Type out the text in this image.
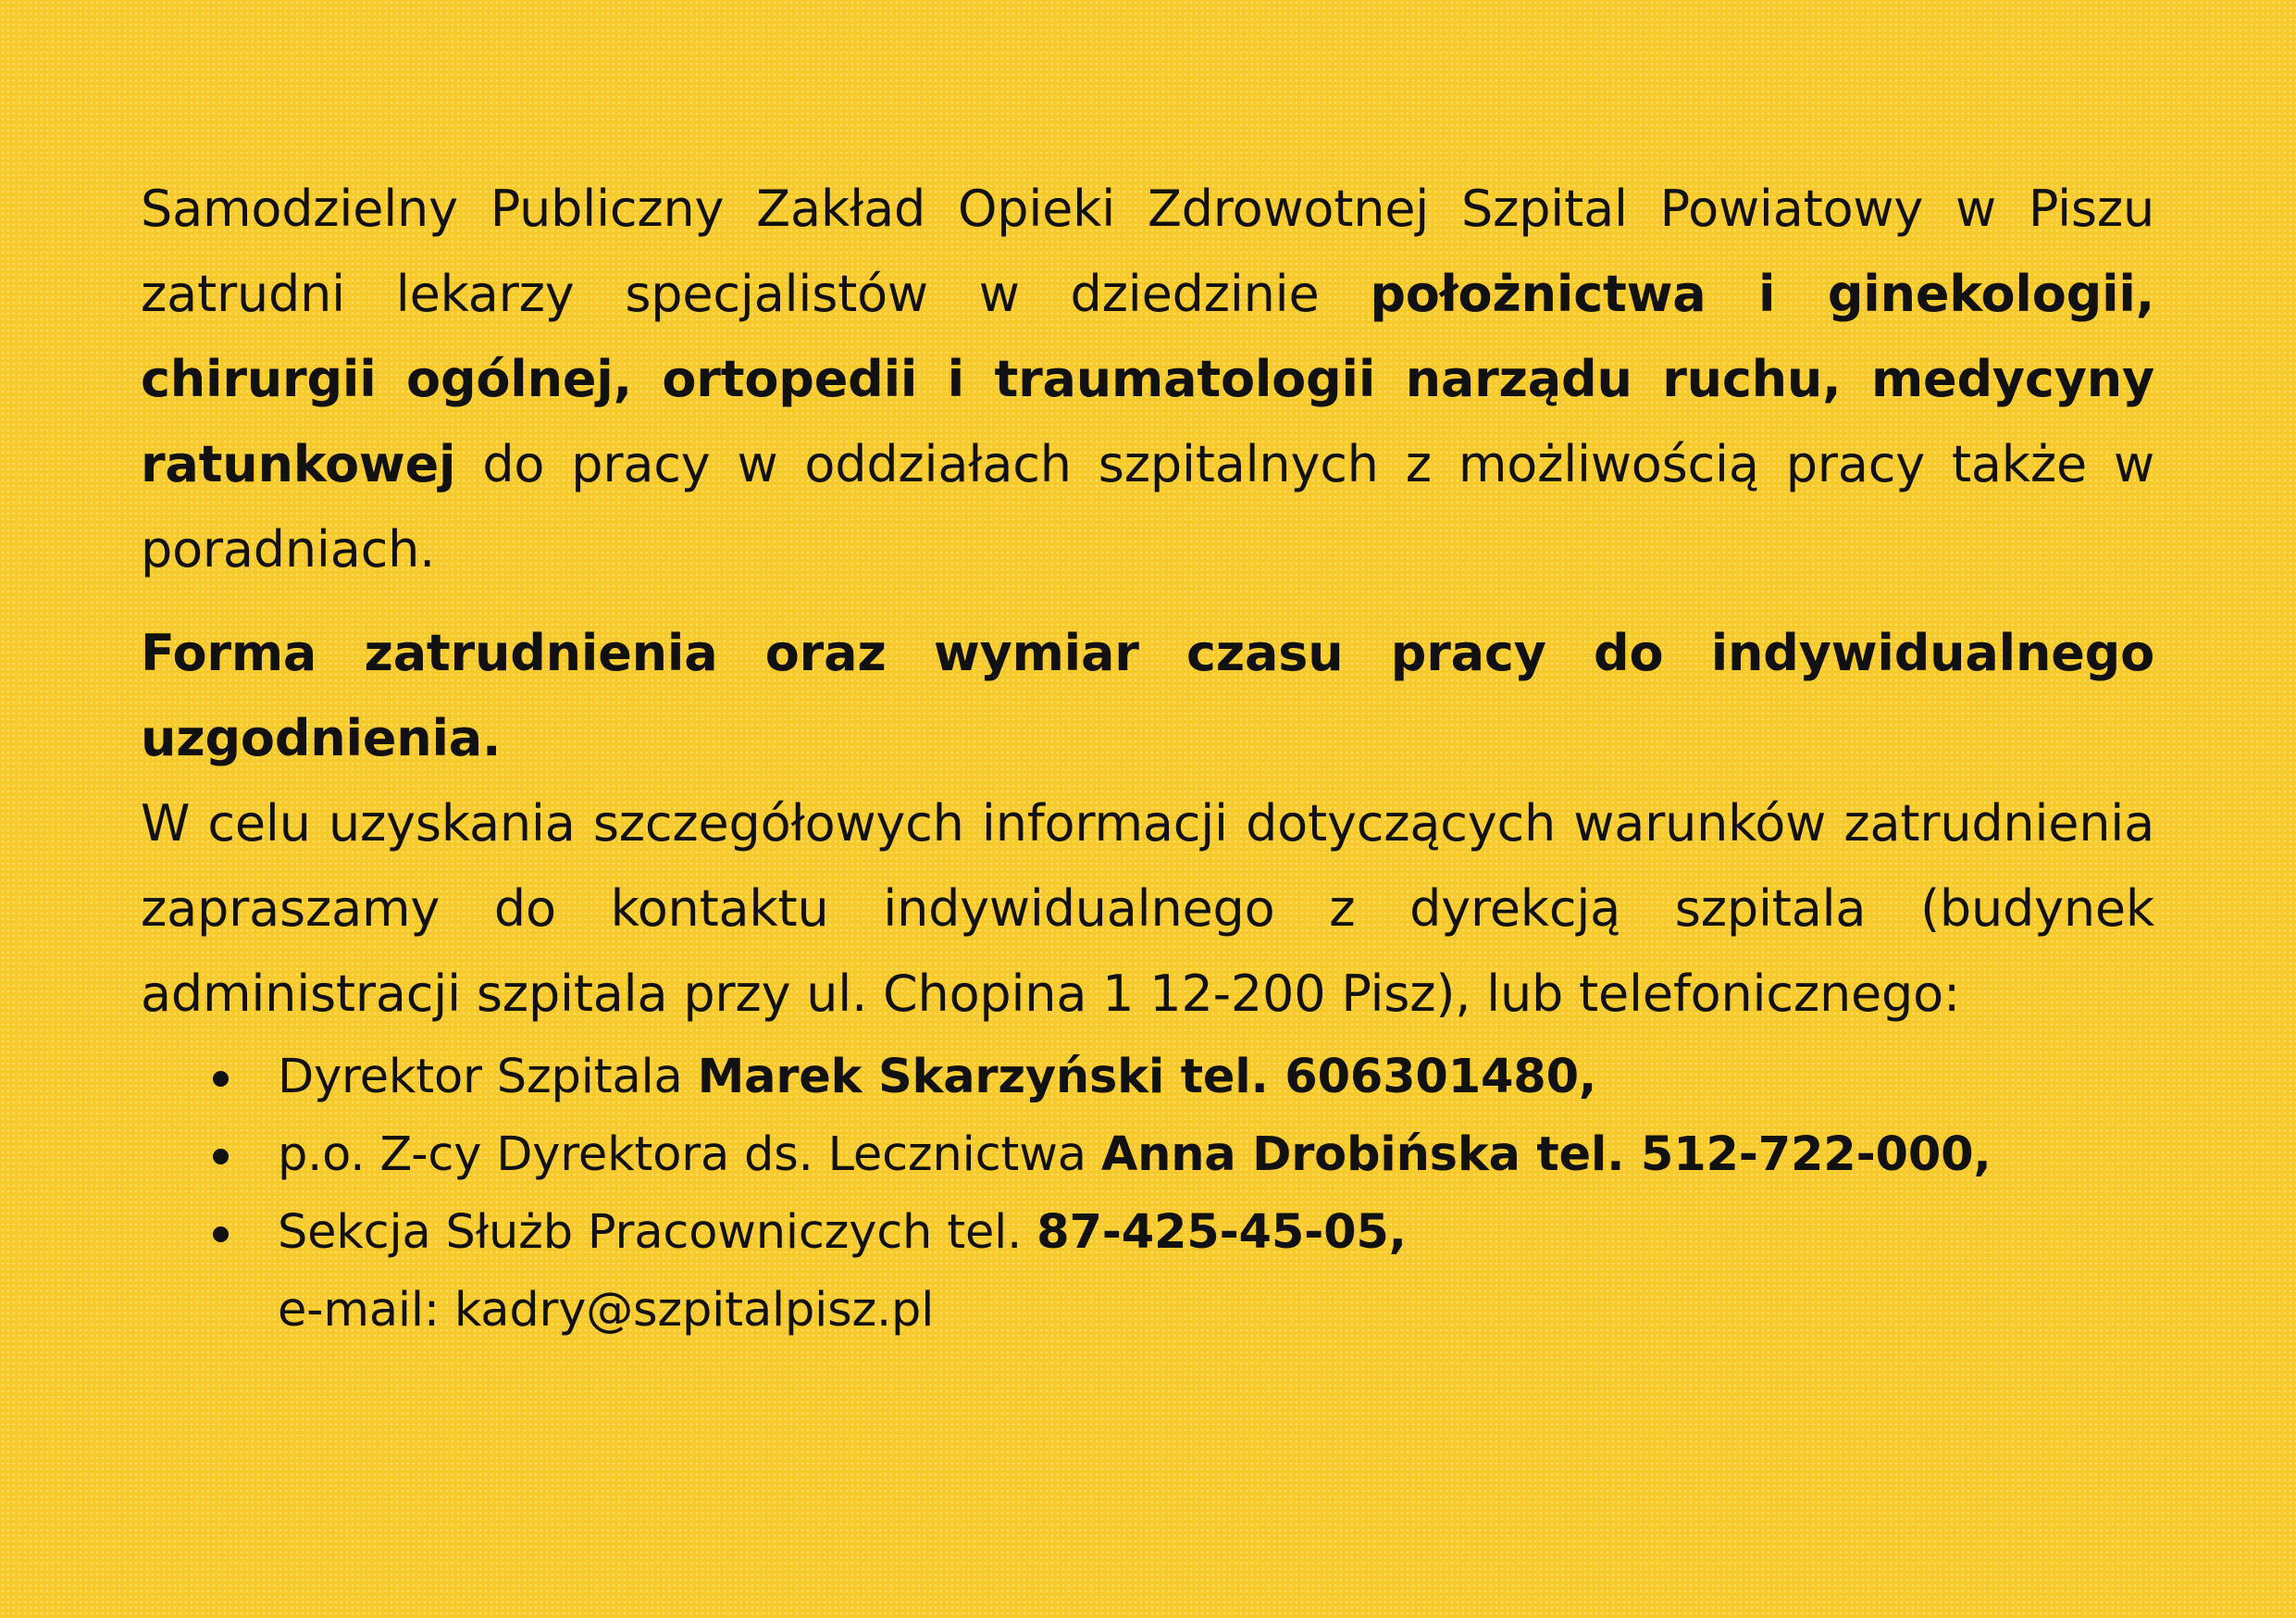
Samodzielny Publiczny Zakład Opieki Zdrowotnej Szpital Powiatowy w Piszu zatrudni lekarzy specjalistów w dziedzinie położnictwa i ginekologii, chirurgii ogólnej, ortopedii i traumatologii narządu ruchu, medycyny ratunkowej do pracy w oddziałach szpitalnych z możliwością pracy także w poradniach.

Forma zatrudnienia oraz wymiar czasu pracy do indywidualnego uzgodnienia.

W celu uzyskania szczegółowych informacji dotyczących warunków zatrudnienia zapraszamy do kontaktu indywidualnego z dyrekcją szpitala (budynek administracji szpitala przy ul. Chopina 1 12-200 Pisz), lub telefonicznego:

Dyrektor Szpitala Marek Skarzyński tel. 606301480,
p.o. Z-cy Dyrektora ds. Lecznictwa Anna Drobińska tel. 512-722-000,
Sekcja Służb Pracowniczych tel. 87-425-45-05,
e-mail: kadry@szpitalpisz.pl
